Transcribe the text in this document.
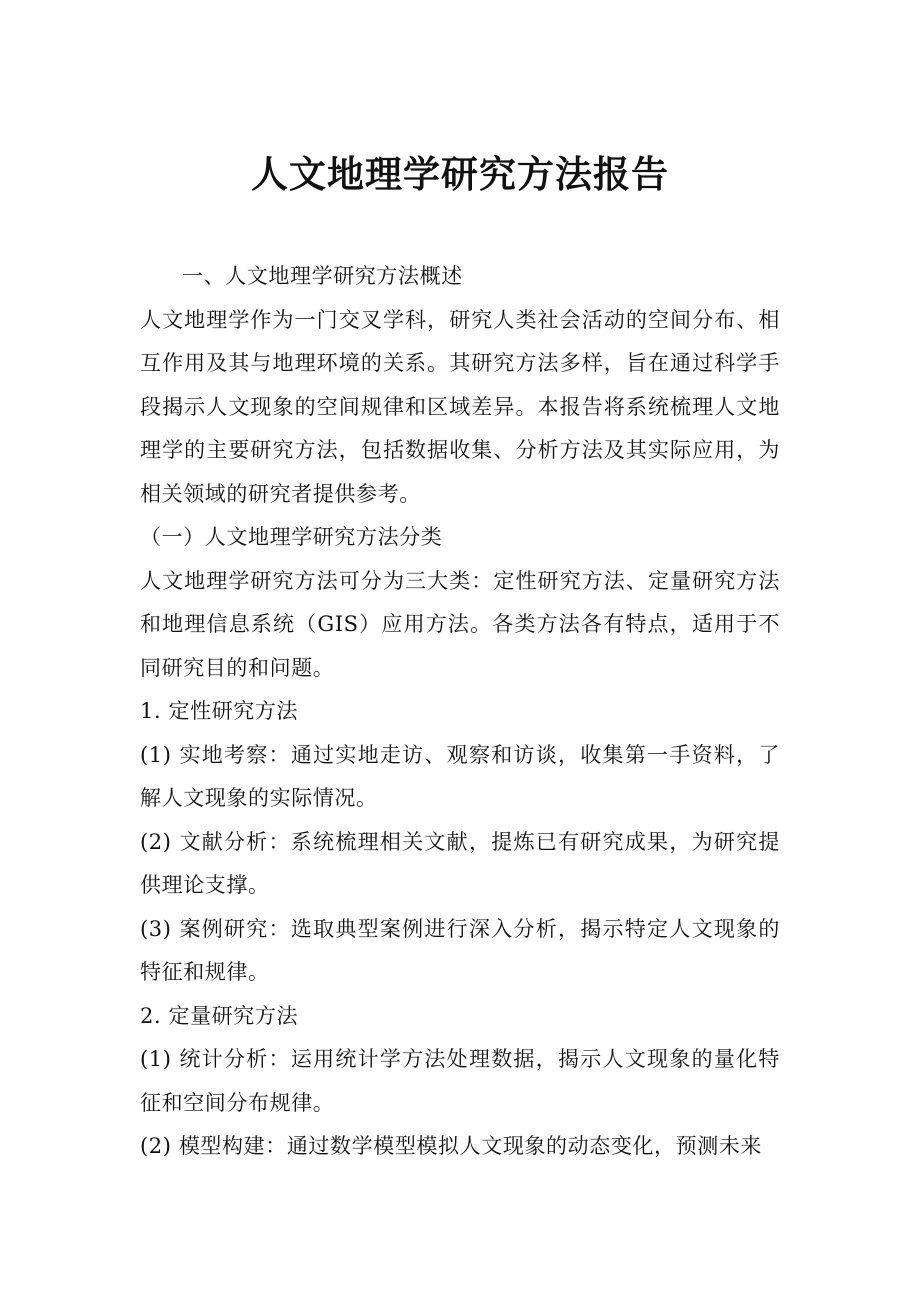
人文地理学研究方法报告

一、人文地理学研究方法概述

人文地理学作为一门交叉学科，研究人类社会活动的空间分布、相互作用及其与地理环境的关系。其研究方法多样，旨在通过科学手段揭示人文现象的空间规律和区域差异。本报告将系统梳理人文地理学的主要研究方法，包括数据收集、分析方法及其实际应用，为相关领域的研究者提供参考。

（一）人文地理学研究方法分类

人文地理学研究方法可分为三大类：定性研究方法、定量研究方法和地理信息系统（GIS）应用方法。各类方法各有特点，适用于不同研究目的和问题。

1. 定性研究方法

(1) 实地考察：通过实地走访、观察和访谈，收集第一手资料，了解人文现象的实际情况。

(2) 文献分析：系统梳理相关文献，提炼已有研究成果，为研究提供理论支撑。

(3) 案例研究：选取典型案例进行深入分析，揭示特定人文现象的特征和规律。

2. 定量研究方法

(1) 统计分析：运用统计学方法处理数据，揭示人文现象的量化特征和空间分布规律。

(2) 模型构建：通过数学模型模拟人文现象的动态变化，预测未来
